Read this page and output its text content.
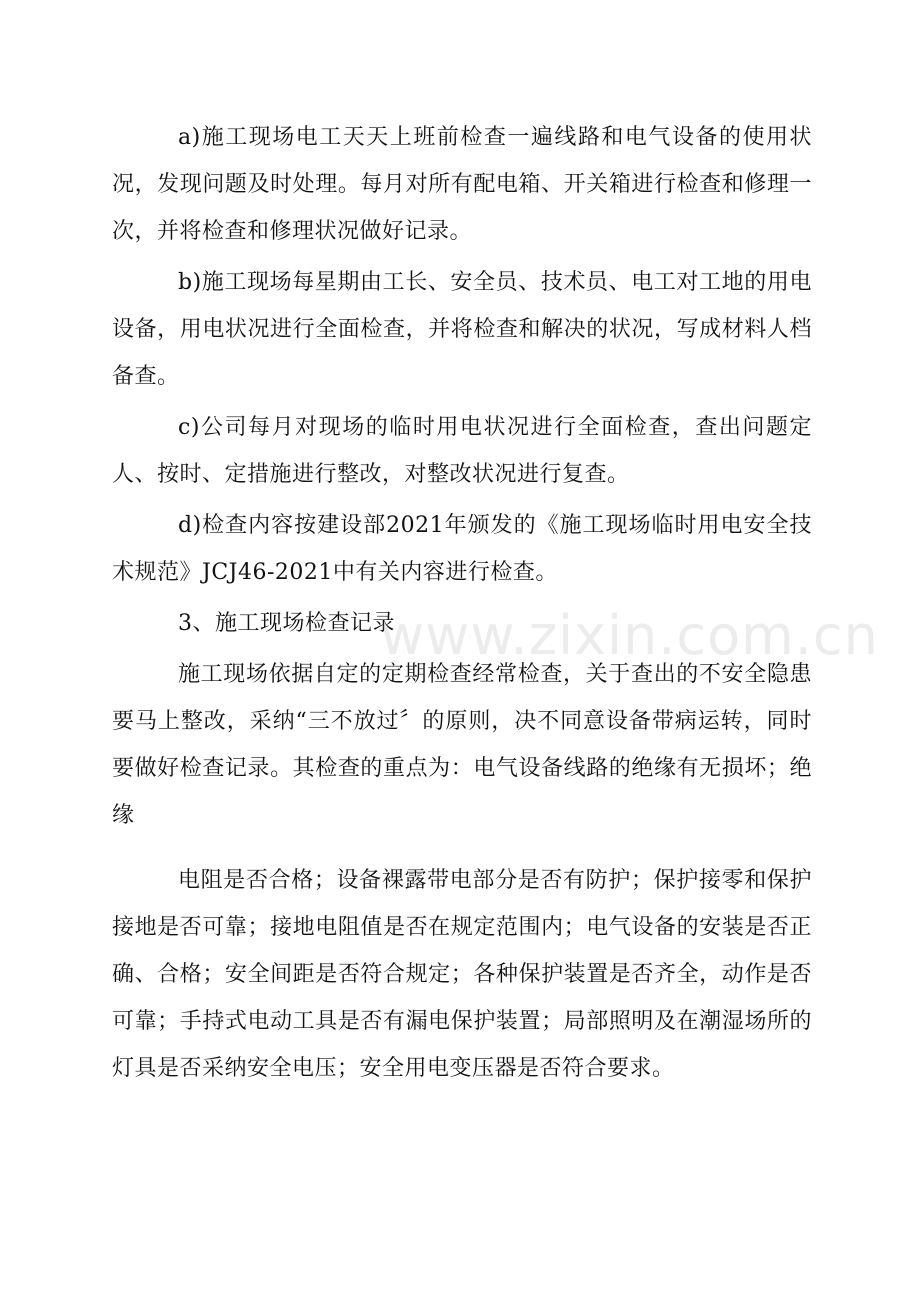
a)施工现场电工天天上班前检查一遍线路和电气设备的使用状况，发现问题及时处理。每月对所有配电箱、开关箱进行检查和修理一次，并将检查和修理状况做好记录。

b)施工现场每星期由工长、安全员、技术员、电工对工地的用电设备，用电状况进行全面检查，并将检查和解决的状况，写成材料人档备查。

c)公司每月对现场的临时用电状况进行全面检查，查出问题定人、按时、定措施进行整改，对整改状况进行复查。

d)检查内容按建设部2021年颁发的《施工现场临时用电安全技术规范》JCJ46-2021中有关内容进行检查。

3、施工现场检查记录

施工现场依据自定的定期检查经常检查，关于查出的不安全隐患要马上整改，采纳“三不放过〞的原则，决不同意设备带病运转，同时要做好检查记录。其检查的重点为：电气设备线路的绝缘有无损坏；绝缘

电阻是否合格；设备裸露带电部分是否有防护；保护接零和保护接地是否可靠；接地电阻值是否在规定范围内；电气设备的安装是否正确、合格；安全间距是否符合规定；各种保护装置是否齐全，动作是否可靠；手持式电动工具是否有漏电保护装置；局部照明及在潮湿场所的灯具是否采纳安全电压；安全用电变压器是否符合要求。

www.zixin.com.cn
